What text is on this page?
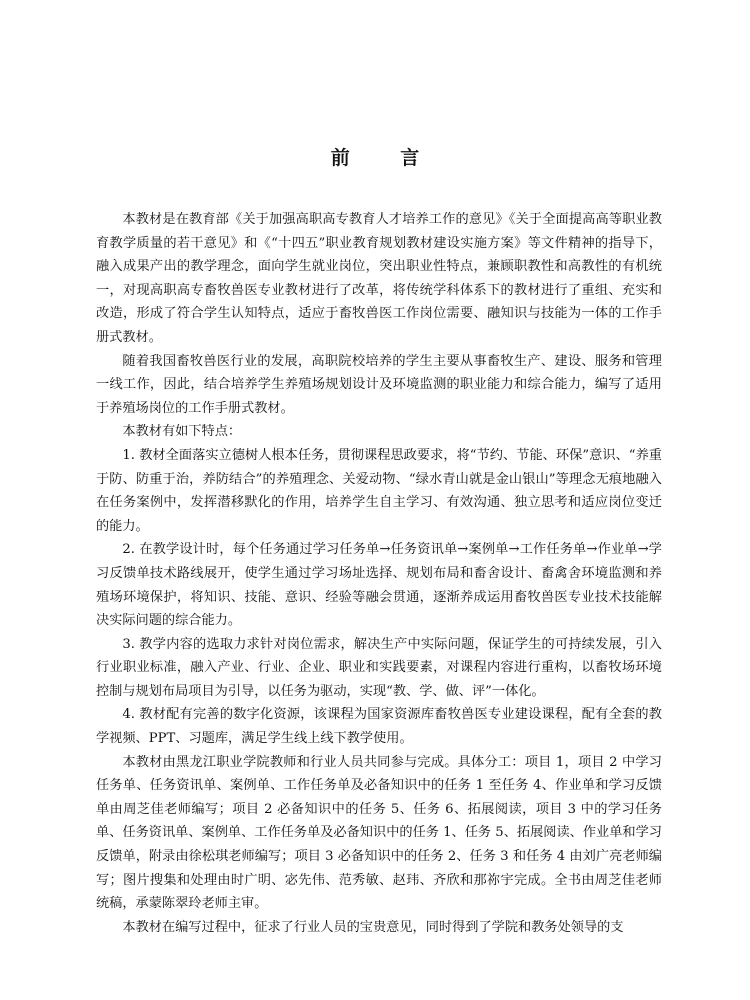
前 言

本教材是在教育部《关于加强高职高专教育人才培养工作的意见》《关于全面提高高等职业教育教学质量的若干意见》和《“十四五”职业教育规划教材建设实施方案》等文件精神的指导下，融入成果产出的教学理念，面向学生就业岗位，突出职业性特点，兼顾职教性和高教性的有机统一，对现高职高专畜牧兽医专业教材进行了改革，将传统学科体系下的教材进行了重组、充实和改造，形成了符合学生认知特点，适应于畜牧兽医工作岗位需要、融知识与技能为一体的工作手册式教材。

随着我国畜牧兽医行业的发展，高职院校培养的学生主要从事畜牧生产、建设、服务和管理一线工作，因此，结合培养学生养殖场规划设计及环境监测的职业能力和综合能力，编写了适用于养殖场岗位的工作手册式教材。

本教材有如下特点：

1. 教材全面落实立德树人根本任务，贯彻课程思政要求，将“节约、节能、环保”意识、“养重于防、防重于治，养防结合”的养殖理念、关爱动物、“绿水青山就是金山银山”等理念无痕地融入在任务案例中，发挥潜移默化的作用，培养学生自主学习、有效沟通、独立思考和适应岗位变迁的能力。

2. 在教学设计时，每个任务通过学习任务单→任务资讯单→案例单→工作任务单→作业单→学习反馈单技术路线展开，使学生通过学习场址选择、规划布局和畜舍设计、畜禽舍环境监测和养殖场环境保护，将知识、技能、意识、经验等融会贯通，逐渐养成运用畜牧兽医专业技术技能解决实际问题的综合能力。

3. 教学内容的选取力求针对岗位需求，解决生产中实际问题，保证学生的可持续发展，引入行业职业标准，融入产业、行业、企业、职业和实践要素，对课程内容进行重构，以畜牧场环境控制与规划布局项目为引导，以任务为驱动，实现“教、学、做、评”一体化。

4. 教材配有完善的数字化资源，该课程为国家资源库畜牧兽医专业建设课程，配有全套的教学视频、PPT、习题库，满足学生线上线下教学使用。

本教材由黑龙江职业学院教师和行业人员共同参与完成。具体分工：项目 1，项目 2 中学习任务单、任务资讯单、案例单、工作任务单及必备知识中的任务 1 至任务 4、作业单和学习反馈单由周芝佳老师编写；项目 2 必备知识中的任务 5、任务 6、拓展阅读，项目 3 中的学习任务单、任务资讯单、案例单、工作任务单及必备知识中的任务 1、任务 5、拓展阅读、作业单和学习反馈单，附录由徐松琪老师编写；项目 3 必备知识中的任务 2、任务 3 和任务 4 由刘广亮老师编写；图片搜集和处理由时广明、宓先伟、范秀敏、赵玮、齐欣和那祢宇完成。全书由周芝佳老师统稿，承蒙陈翠玲老师主审。

本教材在编写过程中，征求了行业人员的宝贵意见，同时得到了学院和教务处领导的支
